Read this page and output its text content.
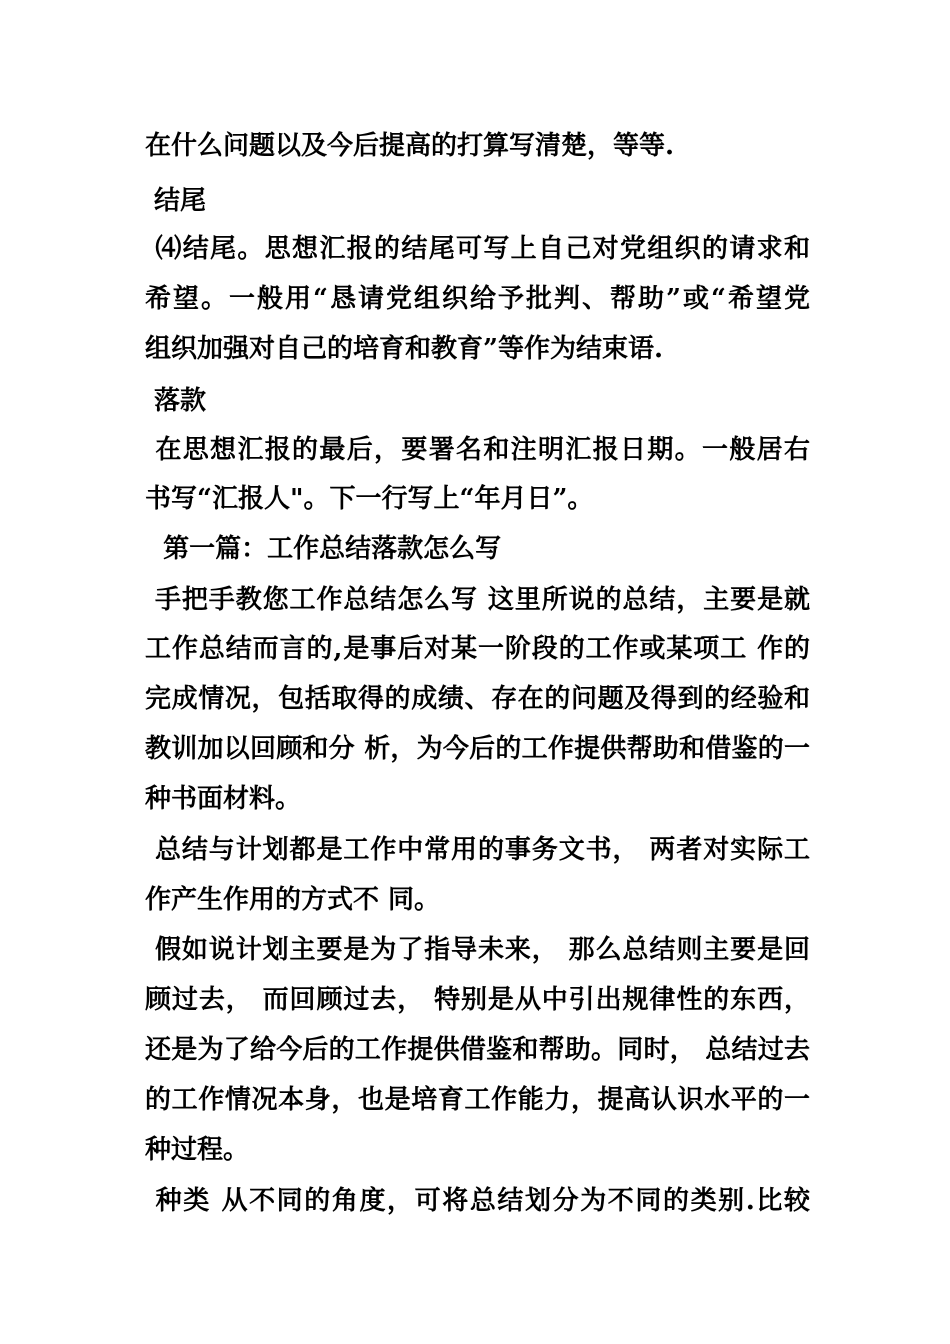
在什么问题以及今后提高的打算写清楚，等等.
结尾
⑷结尾。思想汇报的结尾可写上自己对党组织的请求和
希望。一般用“恳请党组织给予批判、帮助”或“希望党
组织加强对自己的培育和教育”等作为结束语.
落款
在思想汇报的最后，要署名和注明汇报日期。一般居右
书写“汇报人"。下一行写上“年月日”。
第一篇：工作总结落款怎么写
手把手教您工作总结怎么写 这里所说的总结，主要是就
工作总结而言的,是事后对某一阶段的工作或某项工 作的
完成情况，包括取得的成绩、存在的问题及得到的经验和
教训加以回顾和分 析，为今后的工作提供帮助和借鉴的一
种书面材料。
总结与计划都是工作中常用的事务文书， 两者对实际工
作产生作用的方式不 同。
假如说计划主要是为了指导未来， 那么总结则主要是回
顾过去， 而回顾过去， 特别是从中引出规律性的东西，
还是为了给今后的工作提供借鉴和帮助。同时， 总结过去
的工作情况本身，也是培育工作能力，提高认识水平的一
种过程。
种类 从不同的角度，可将总结划分为不同的类别.比较
